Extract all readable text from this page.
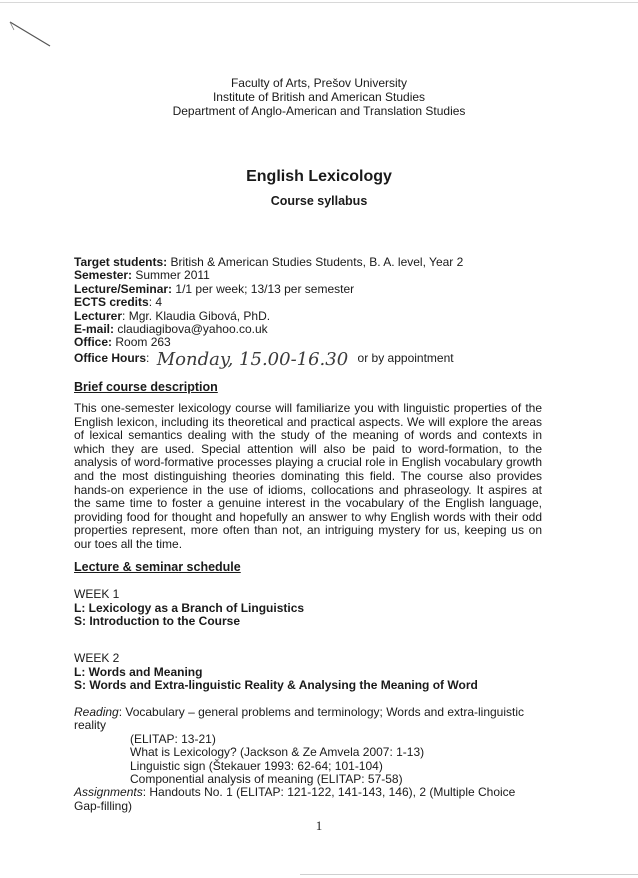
Faculty of Arts, Prešov University
Institute of British and American Studies
Department of Anglo-American and Translation Studies
English Lexicology
Course syllabus
Target students: British & American Studies Students, B. A. level, Year 2
Semester: Summer 2011
Lecture/Seminar: 1/1 per week; 13/13 per semester
ECTS credits: 4
Lecturer: Mgr. Klaudia Gibová, PhD.
E-mail: claudiagibova@yahoo.co.uk
Office: Room 263
Office Hours: Monday, 15.00-16.30 or by appointment
Brief course description
This one-semester lexicology course will familiarize you with linguistic properties of the English lexicon, including its theoretical and practical aspects. We will explore the areas of lexical semantics dealing with the study of the meaning of words and contexts in which they are used. Special attention will also be paid to word-formation, to the analysis of word-formative processes playing a crucial role in English vocabulary growth and the most distinguishing theories dominating this field. The course also provides hands-on experience in the use of idioms, collocations and phraseology. It aspires at the same time to foster a genuine interest in the vocabulary of the English language, providing food for thought and hopefully an answer to why English words with their odd properties represent, more often than not, an intriguing mystery for us, keeping us on our toes all the time.
Lecture & seminar schedule
WEEK 1
L: Lexicology as a Branch of Linguistics
S: Introduction to the Course
WEEK 2
L: Words and Meaning
S: Words and Extra-linguistic Reality & Analysing the Meaning of Word
Reading: Vocabulary – general problems and terminology; Words and extra-linguistic reality
(ELITAP: 13-21)
What is Lexicology? (Jackson & Ze Amvela 2007: 1-13)
Linguistic sign (Štekauer 1993: 62-64; 101-104)
Componential analysis of meaning (ELITAP: 57-58)
Assignments: Handouts No. 1 (ELITAP: 121-122, 141-143, 146), 2 (Multiple Choice Gap-filling)
1
